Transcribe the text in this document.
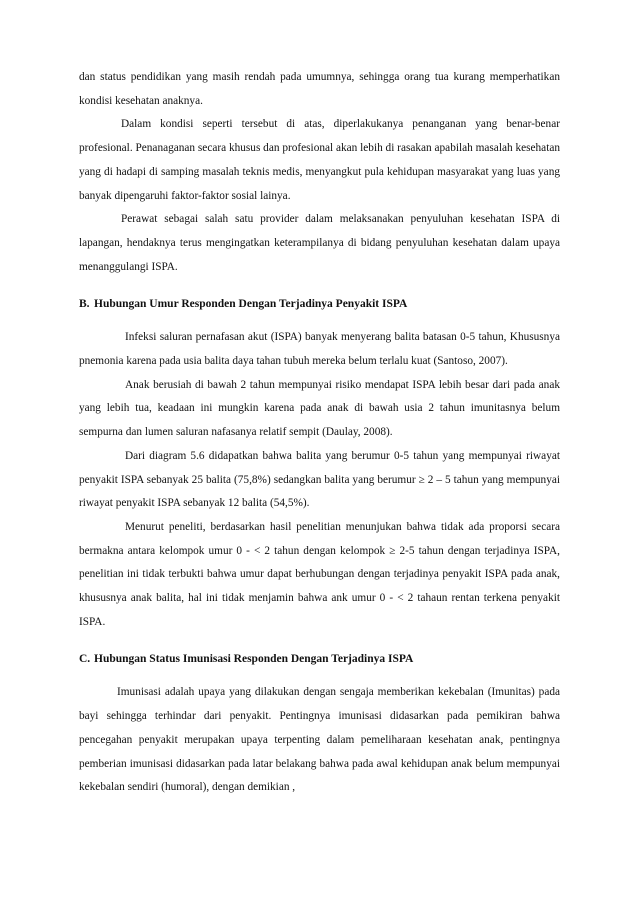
dan status pendidikan yang masih rendah pada umumnya, sehingga orang tua kurang memperhatikan kondisi kesehatan anaknya.

Dalam kondisi seperti tersebut di atas, diperlakukanya penanganan yang benar-benar profesional. Penanaganan secara khusus dan profesional akan lebih di rasakan apabilah masalah kesehatan yang di hadapi di samping masalah teknis medis, menyangkut pula kehidupan masyarakat yang luas yang banyak dipengaruhi faktor-faktor sosial lainya.

Perawat sebagai salah satu provider dalam melaksanakan penyuluhan kesehatan ISPA di lapangan, hendaknya terus mengingatkan keterampilanya di bidang penyuluhan kesehatan dalam upaya menanggulangi ISPA.

B. Hubungan Umur Responden Dengan Terjadinya Penyakit ISPA

Infeksi saluran pernafasan akut (ISPA) banyak menyerang balita batasan 0-5 tahun, Khususnya pnemonia karena pada usia balita daya tahan tubuh mereka belum terlalu kuat (Santoso, 2007).

Anak berusiah di bawah 2 tahun mempunyai risiko mendapat ISPA lebih besar dari pada anak yang lebih tua, keadaan ini mungkin karena pada anak di bawah usia 2 tahun imunitasnya belum sempurna dan lumen saluran nafasanya relatif sempit (Daulay, 2008).

Dari diagram 5.6 didapatkan bahwa balita yang berumur 0-5 tahun yang mempunyai riwayat penyakit ISPA sebanyak 25 balita (75,8%) sedangkan balita yang berumur ≥ 2 – 5 tahun yang mempunyai riwayat penyakit ISPA sebanyak 12 balita (54,5%).

Menurut peneliti, berdasarkan hasil penelitian menunjukan bahwa tidak ada proporsi secara bermakna antara kelompok umur 0 - < 2 tahun dengan kelompok ≥ 2-5 tahun dengan terjadinya ISPA, penelitian ini tidak terbukti bahwa umur dapat berhubungan dengan terjadinya penyakit ISPA pada anak, khususnya anak balita, hal ini tidak menjamin bahwa ank umur 0 - < 2 tahaun rentan terkena penyakit ISPA.

C. Hubungan Status Imunisasi Responden Dengan Terjadinya ISPA

Imunisasi adalah upaya yang dilakukan dengan sengaja memberikan kekebalan (Imunitas) pada bayi sehingga terhindar dari penyakit. Pentingnya imunisasi didasarkan pada pemikiran bahwa pencegahan penyakit merupakan upaya terpenting dalam pemeliharaan kesehatan anak, pentingnya pemberian imunisasi didasarkan pada latar belakang bahwa pada awal kehidupan anak belum mempunyai kekebalan sendiri (humoral), dengan demikian ,
